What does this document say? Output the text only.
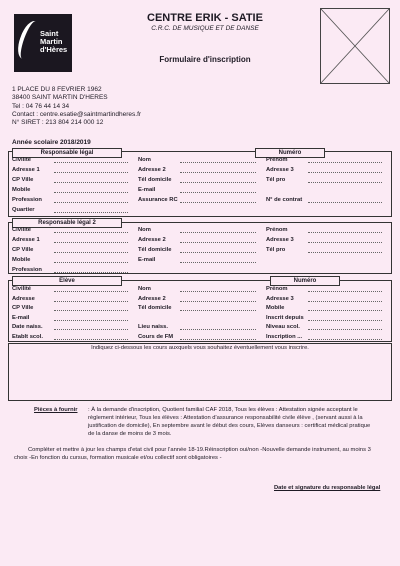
Saint
Martin
d'Hères
CENTRE ERIK - SATIE
C.R.C. DE MUSIQUE ET DE DANSE
Formulaire d'inscription
1 PLACE DU 8 FEVRIER 1962
38400 SAINT MARTIN D'HERES
Tel : 04 76 44 14 34
Contact : centre.esatie@saintmartindheres.fr
N° SIRET : 213 804 214 000 12
Année scolaire 2018/2019
Responsable légal	Numéro
Civilité	Nom	Prénom
Adresse 1	Adresse 2	Adresse 3
CP Ville	Tél domicile	Tél pro
Mobile	E-mail
Profession	Assurance RC	N° de contrat
Quartier
Responsable légal 2
Civilité	Nom	Prénom
Adresse 1	Adresse 2	Adresse 3
CP Ville	Tél domicile	Tél pro
Mobile	E-mail
Profession
Elève	Numéro
Civilité	Nom	Prénom
Adresse	Adresse 2	Adresse 3
CP Ville	Tél domicile	Mobile
E-mail	Inscrit depuis
Date naiss.	Lieu naiss.	Niveau scol.
Etablt scol.	Cours de FM	Inscription ...
Indiquez ci-dessous les cours auxquels vous souhaitez éventuellement vous inscrire.
Pièces à fournir : À la demande d'inscription, Quotient familial CAF 2018, Tous les élèves : Attestation signée acceptant le
règlement intérieur, Tous les élèves : Attestation d'assurance responsabilité civile élève , (servant aussi à la
justification de domicile), En septembre avant le début des cours, Elèves danseurs : certificat médical pratique
de la danse de moins de 3 mois.
Compléter et mettre à jour les champs d'etat civil pour l'année 18-19.Réinscription oui/non -Nouvelle demande instrument, au moins 3
choix -En fonction du cursus, formation musicale et/ou collectif sont obligatoires -
Date et signature du responsable légal
